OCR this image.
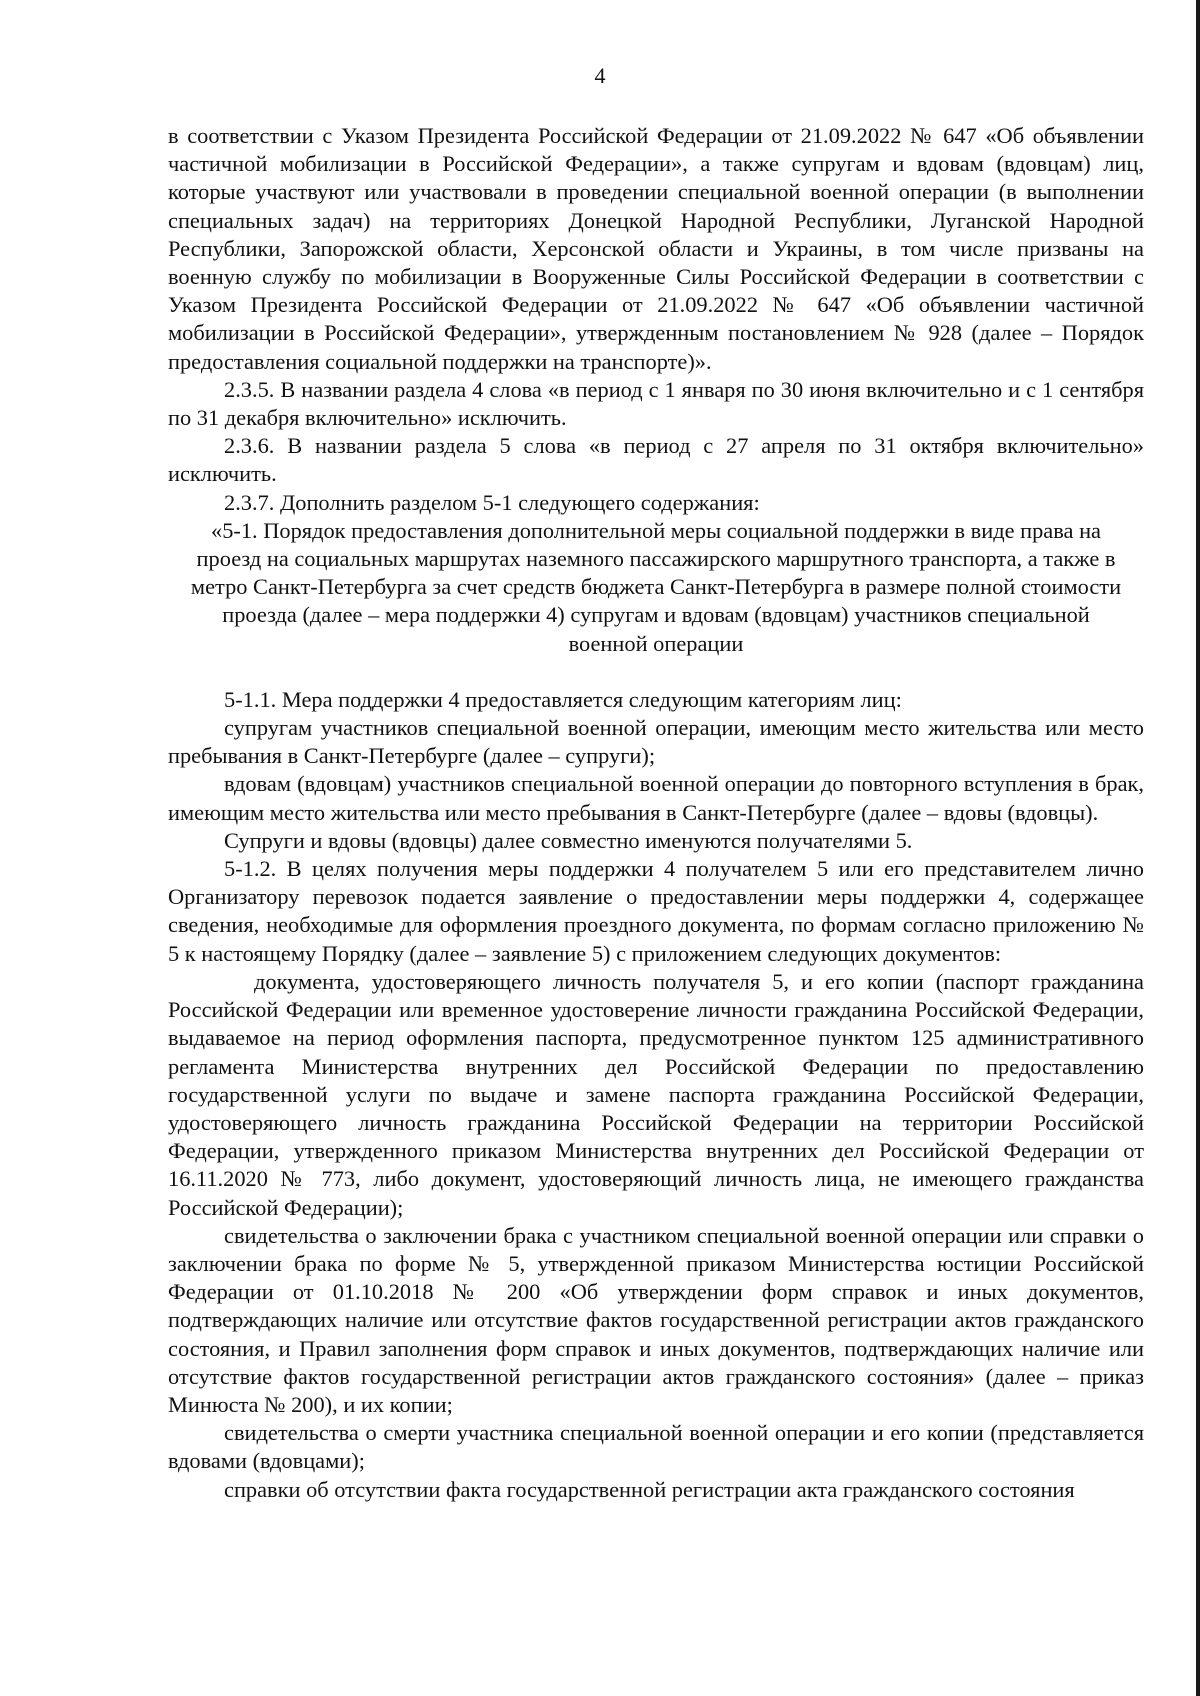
4

в соответствии с Указом Президента Российской Федерации от 21.09.2022 № 647 «Об объявлении частичной мобилизации в Российской Федерации», а также супругам и вдовам (вдовцам) лиц, которые участвуют или участвовали в проведении специальной военной операции (в выполнении специальных задач) на территориях Донецкой Народной Республики, Луганской Народной Республики, Запорожской области, Херсонской области и Украины, в том числе призваны на военную службу по мобилизации в Вооруженные Силы Российской Федерации в соответствии с Указом Президента Российской Федерации от 21.09.2022 № 647 «Об объявлении частичной мобилизации в Российской Федерации», утвержденным постановлением № 928 (далее – Порядок предоставления социальной поддержки на транспорте)».

2.3.5. В названии раздела 4 слова «в период с 1 января по 30 июня включительно и с 1 сентября по 31 декабря включительно» исключить.

2.3.6. В названии раздела 5 слова «в период с 27 апреля по 31 октября включительно» исключить.

2.3.7. Дополнить разделом 5-1 следующего содержания:

«5-1. Порядок предоставления дополнительной меры социальной поддержки в виде права на проезд на социальных маршрутах наземного пассажирского маршрутного транспорта, а также в метро Санкт-Петербурга за счет средств бюджета Санкт-Петербурга в размере полной стоимости проезда (далее – мера поддержки 4) супругам и вдовам (вдовцам) участников специальной военной операции

5-1.1. Мера поддержки 4 предоставляется следующим категориям лиц:

супругам участников специальной военной операции, имеющим место жительства или место пребывания в Санкт-Петербурге (далее – супруги);

вдовам (вдовцам) участников специальной военной операции до повторного вступления в брак, имеющим место жительства или место пребывания в Санкт-Петербурге (далее – вдовы (вдовцы).

Супруги и вдовы (вдовцы) далее совместно именуются получателями 5.

5-1.2. В целях получения меры поддержки 4 получателем 5 или его представителем лично Организатору перевозок подается заявление о предоставлении меры поддержки 4, содержащее сведения, необходимые для оформления проездного документа, по формам согласно приложению № 5 к настоящему Порядку (далее – заявление 5) с приложением следующих документов:

документа, удостоверяющего личность получателя 5, и его копии (паспорт гражданина Российской Федерации или временное удостоверение личности гражданина Российской Федерации, выдаваемое на период оформления паспорта, предусмотренное пунктом 125 административного регламента Министерства внутренних дел Российской Федерации по предоставлению государственной услуги по выдаче и замене паспорта гражданина Российской Федерации, удостоверяющего личность гражданина Российской Федерации на территории Российской Федерации, утвержденного приказом Министерства внутренних дел Российской Федерации от 16.11.2020 № 773, либо документ, удостоверяющий личность лица, не имеющего гражданства Российской Федерации);

свидетельства о заключении брака с участником специальной военной операции или справки о заключении брака по форме № 5, утвержденной приказом Министерства юстиции Российской Федерации от 01.10.2018 № 200 «Об утверждении форм справок и иных документов, подтверждающих наличие или отсутствие фактов государственной регистрации актов гражданского состояния, и Правил заполнения форм справок и иных документов, подтверждающих наличие или отсутствие фактов государственной регистрации актов гражданского состояния» (далее – приказ Минюста № 200), и их копии;

свидетельства о смерти участника специальной военной операции и его копии (представляется вдовами (вдовцами);

справки об отсутствии факта государственной регистрации акта гражданского состояния
